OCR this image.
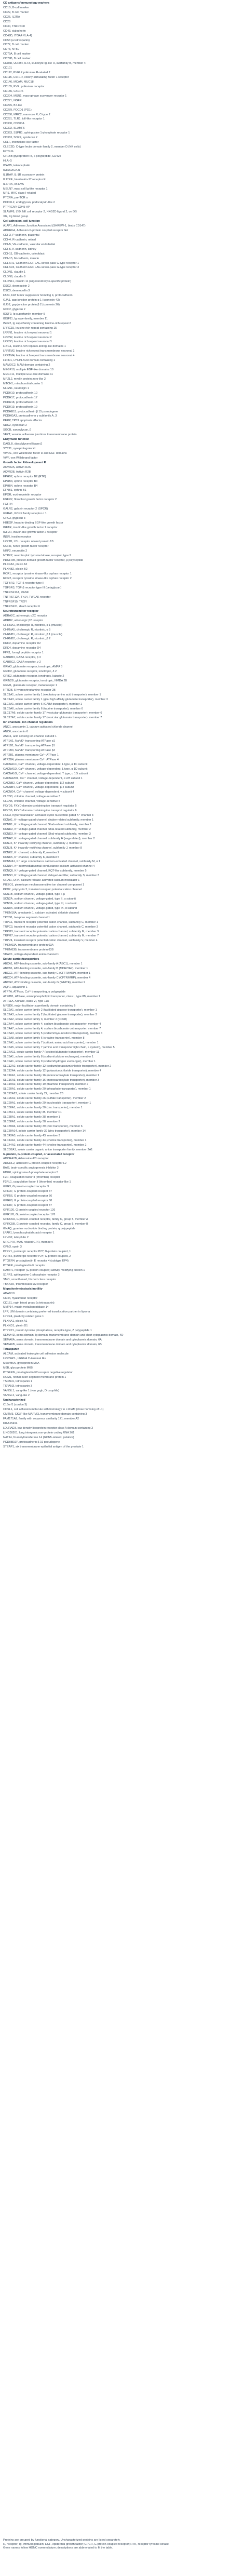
CD antigens/immunology markers
CD1B, B-cell marker
CD22, B cell marker
CD25, IL2RA
CD28
CD30, TNFRSF8
CD43, sialophorin
CD49D, ITGA4 VLA-4)
CD53 (a tetraspanin)
CD72, B cell marker
CD73, NT5E
CD79A, B cell marker
CD79B, B cell marker
CD86b, ULRB4, ILT3, leukocyte Ig-like R, subfamily B, member 4
CD101
CD112, PVRL2 poliovirus R-related 2
CD115, CSF1R, colony-stimulating factor 1 receptor
CD146, MCAM, MUC18
CD155, PVR, poliovirus receptor
CD186, CXCR6
CD204, MSR1, macrophage scavenger receptor 1
CD271, NGFR
CD276, B7-H3
CD279, PDCD1 (PD1)
CD280, MRC2, mannose R, C-type 2
CD281, TLR1, toll-like receptor 1
CD300, CD300A
CD302, SLAMF6
CD363, S1PR1, sphingosine 1-phosphate receptor 1
CD363, SOX2, syndecan 2
CKLF, chemokine-like factor
CLEC2D, C-type lectin domain family 2, member D (NK cells)
FLT3LG
GP1BB glycoprotein Ib, β polypeptide, CD42c
HLA-G
ICAM5, telencephalin
IGHA1/IGKJ1
IL1RAP, IL-1R accessory protein
IL17RE, Interleukin-17 receptor E
IL27RA, on EVS
MSLN?, mast cell Ig-like receptor 1
MR1, MHC class I-related
PTCRA, pre-TCR α
PODXL2, endoglycan, podocalyxin-like 2
PTPRCAP, CD45-AP
SLAMF8, LY9, NK cell receptor 2, NKG2D ligand 2, on DS
XG, Xg blood group
Cell adhesion, cell junction
AJAP1, Adherens Junction Associated (SHREW-1, binds CD147)
ADGRG4, Adhesion G protein coupled receptor G4
CDH3, P-cadherin, placental
CDH4, R-cadherin, retinal
CDH5, VE-cadherin, vascular endothelial
CDH6, K-cadherin, kidney
CDH11, OB-cadherin, osteoblast
CDH15, M-cadherin, muscle
CELSR1, Cadherin EGF LAG seven-pass G-type receptor 1
CELSR3, Cadherin EGF LAG seven-pass G-type receptor 3
CLDN1, claudin 1
CLDN6, claudin 6
CLDN11, claudin 11 (oligodendrocyte-specific protein)
DSG2, desmoglein 2
DSC3, desmocollin 3
FAT4, FAT tumor suppressor homolog 4, protocadherin
GJA1, gap junction protein α 1 (connexin 43)
GJB2, gap junction protein β 2 (connexin 26)
GPC2, glypican 2
IGSF9, Ig superfamily, member 9
IGSF11, Ig superfamily, member 11
ISLR2, Ig superfamily containing leucine-rich repeat 2
LRRC15, leucine rich repeat containing 15
LRRN1, leucine rich repeat neuronal 1
LRRN2, leucine rich repeat neuronal 2
LRRN3, leucine rich repeat neuronal 3
LRIG1, leucine-rich repeats and Ig-like domains 1
LRRTM2, leucine rich repeat transmembrane neuronal 2
LRRTM4, leucine rich repeat transmembrane neuronal 4
LYPD1, LY6/PLAUR domain containing 1
MAMDC2, MAM domain containing 2
MEGF10, multiple EGF-like domains 10
MEGF11, multiple EGF-like domains 11
MPZL2, myelin protein zero-like 2
MTCH1, mitochondrial carrier 1
NLGN1, neuroligin 1
PCDH10, protocadherin 10
PCDH17, protocadherin 17
PCDH18, protocadherin 18
PCDH19, protocadherin 19
PCDHB15, protocadherin β 15 pseudogene
PCDHGA3, protocadherin γ subfamily A, 3
PERP, TP53 apoptosis effector
SDC2, syndecan 2
SGCB, sarcoglycan, β
VEZT, vezatin, adherens junctions transmembrane protein
Enzymatic function
DAGLB, diacylglycerol lipase β
SYT11, synaptotagmin XI
VWDE, von Willebrand factor D and EGF domains
VWF, von Willebrand factor
Growth factor R/development R
ACVR2A, Activin R2A
ACVR2B, Activin R2B
EPHB2, ephrin receptor B2 (RTK)
EPHB3, ephrin receptor B3
EPHB4, ephrin receptor B4
EFNB1, ephrin-B1
EPOR, erythropoietin receptor
FGFR2, fibroblast growth factor receptor 2
FGFR4
GALR2, galanin receptor 2 (GPCR)
GFRA1, GDNF family receptor α 1
GPC3, glypican 3
HBEGF, heparin-binding EGF-like growth factor
IGF1R, insulin-like growth factor 1 receptor
IGF2R, insulin-like growth factor 2 receptor
INSR, insulin receptor
LRP1B, LDL receptor related protein 1B
NGFR, nerve growth factor receptor
NRP2, neuropilin 2
NTRK2, neurotrophic tyrosine kinase, receptor, type 2
PDGFRB, platelet-derived growth factor receptor, β polypeptide
PLXNA2, plexin A2
PLXNB2, plexin B2
ROR1, receptor tyrosine kinase-like orphan receptor 1
ROR2, receptor tyrosine kinase-like orphan receptor 2
TGFBR2, TGF-β receptor type II
TGFBR3, TGF-β receptor type III (betaglycan)
TNFRSF11A, RANK
TNFRSF12A, Fn14, TWEAK receptor
TNFRSF19, TROY
TNFRSF21, death receptor 6
Neurotransmitter receptor
ADRA2C, adrenergic α2C receptor
ADRB2, adrenergic β2 receptor
CHRNA1, cholinergic R, nicotinic, α 1 (muscle)
CHRNA5, cholinergic R, nicotinic, α 5
CHRNB1, cholinergic R, nicotinic, β 1 (muscle)
CHRNB2, cholinergic R, nicotinic, β 2
DRD2, dopamine receptor D2
DRD4, dopamine receptor D4
FPR1, formyl peptide receptor 1
GABRB3, GABA receptor, β 3
GABRG2, GABA receptor, γ 2
GRIA3, glutamate receptor, ionotropic, AMPA 3
GRID2, glutamate receptor, ionotropic, δ 2
GRIK2, glutamate receptor, ionotropic, kainate 2
GRIN2B, glutamate receptor, ionotropic, NMDA 2B
GRM1, glutamate receptor, metabotropic 1
HTR2B, 5-hydroxytryptamine receptor 2B
SLC1A1, solute carrier family 1 (excitatory amino acid transporter), member 1
SLC1A3, solute carrier family 1 (glial high affinity glutamate transporter), member 3
SLC6A1, solute carrier family 6 (GABA transporter), member 1
SLC6A6, solute carrier family 6 (taurine transporter), member 6
SLC17A6, solute carrier family 17 (vesicular glutamate transporter), member 6
SLC17A7, solute carrier family 17 (vesicular glutamate transporter), member 7
Ion channels, ion channel regulators
ANO1, anoctamin 1, calcium activated chloride channel
ANO6, anoctamin 6
ASIC1, acid sensing ion channel subunit 1
ATP1A1, Na⁺/K⁺ transporting ATPase α1
ATP1B1, Na⁺/K⁺ transporting ATPase β1
ATP1B3, Na⁺/K⁺ transporting ATPase β3
ATP2B1, plasma membrane Ca²⁺ ATPase 1
ATP2B4, plasma membrane Ca²⁺ ATPase 4
CACNA1C, Ca²⁺ channel, voltage-dependent, L type, α 1C subunit
CACNA1D, Ca²⁺ channel, voltage-dependent, L type, α 1D subunit
CACNA1G, Ca²⁺ channel, voltage-dependent, T type, α 1G subunit
CACNA2D1, Ca²⁺ channel, voltage-dependent, α 2/δ subunit 1
CACNB2, Ca²⁺ channel, voltage-dependent, β 2 subunit
CACNB4, Ca²⁺ channel, voltage-dependent, β 4 subunit
CACNG4, Ca²⁺ channel, voltage-dependent, γ subunit 4
CLCN3, chloride channel, voltage-sensitive 3
CLCN5, chloride channel, voltage-sensitive 5
FXYD5, FXYD domain containing ion transport regulator 5
FXYD6, FXYD domain containing ion transport regulator 6
HCN3, hyperpolarization activated cyclic nucleotide gated K⁺ channel 3
KCNA1, K⁺ voltage-gated channel, shaker-related subfamily, member 1
KCNB1, K⁺ voltage-gated channel, Shab-related subfamily, member 1
KCND2, K⁺ voltage-gated channel, Shal-related subfamily, member 2
KCND3, K⁺ voltage-gated channel, Shal-related subfamily, member 3
KCNH2, K⁺ voltage-gated channel, subfamily H (eag-related), member 2
KCNJ2, K⁺ inwardly-rectifying channel, subfamily J, member 2
KCNJ8, K⁺ inwardly-rectifying channel, subfamily J, member 8
KCNK2, K⁺ channel, subfamily K, member 2
KCNK5, K⁺ channel, subfamily K, member 5
KCNMA1, K⁺ large conductance calcium-activated channel, subfamily M, α 1
KCNN4, K⁺ intermediate/small conductance calcium-activated channel 4
KCNQ5, K⁺ voltage-gated channel, KQT-like subfamily, member 5
KCNS3, K⁺ voltage-gated channel, delayed-rectifier, subfamily S, member 3
ORAI1, ORAI calcium release-activated calcium modulator 1
PIEZO1, piezo type mechanosensitive ion channel component 1
PKD2, polycystin 2, transient receptor potential cation channel
SCN1B, sodium channel, voltage-gated, type I, β
SCN2A, sodium channel, voltage-gated, type II, α subunit
SCN3A, sodium channel, voltage-gated, type III, α subunit
SCN9A, sodium channel, voltage-gated, type IX, α subunit
TMEM16A, anoctamin 1, calcium activated chloride channel
TPCN1, two pore segment channel 1
TRPC1, transient receptor potential cation channel, subfamily C, member 1
TRPC3, transient receptor potential cation channel, subfamily C, member 3
TRPM3, transient receptor potential cation channel, subfamily M, member 3
TRPM7, transient receptor potential cation channel, subfamily M, member 7
TRPV4, transient receptor potential cation channel, subfamily V, member 4
TMEM63A, transmembrane protein 63A
TMEM63B, transmembrane protein 63B
VDAC1, voltage-dependent anion channel 1
Solute carrier/transporters
ABCA1, ATP-binding cassette, sub-family A (ABC1), member 1
ABCB1, ATP-binding cassette, sub-family B (MDR/TAP), member 1
ABCC1, ATP-binding cassette, sub-family C (CFTR/MRP), member 1
ABCC4, ATP-binding cassette, sub-family C (CFTR/MRP), member 4
ABCG2, ATP-binding cassette, sub-family G (WHITE), member 2
AQP1, aquaporin 1
ATP7A, ATPase, Cu²⁺ transporting, α polypeptide
ATP8B1, ATPase, aminophospholipid transporter, class I, type 8B, member 1
ATP11A, ATPase, class VI, type 11A
MFSD6, major facilitator superfamily domain containing 6
SLC2A1, solute carrier family 2 (facilitated glucose transporter), member 1
SLC2A3, solute carrier family 2 (facilitated glucose transporter), member 3
SLC3A2, solute carrier family 3, member 2 (CD98)
SLC4A4, solute carrier family 4, sodium bicarbonate cotransporter, member 4
SLC4A7, solute carrier family 4, sodium bicarbonate cotransporter, member 7
SLC5A3, solute carrier family 5 (sodium/myo-inositol cotransporter), member 3
SLC6A8, solute carrier family 6 (creatine transporter), member 8
SLC7A1, solute carrier family 7 (cationic amino acid transporter), member 1
SLC7A5, solute carrier family 7 (amino acid transporter light chain, L system), member 5
SLC7A11, solute carrier family 7 (cystine/glutamate transporter), member 11
SLC8A1, solute carrier family 8 (sodium/calcium exchanger), member 1
SLC9A1, solute carrier family 9 (sodium/hydrogen exchanger), member 1
SLC12A2, solute carrier family 12 (sodium/potassium/chloride transporter), member 2
SLC12A4, solute carrier family 12 (potassium/chloride transporter), member 4
SLC16A1, solute carrier family 16 (monocarboxylate transporter), member 1
SLC16A3, solute carrier family 16 (monocarboxylate transporter), member 3
SLC19A2, solute carrier family 19 (thiamine transporter), member 2
SLC20A1, solute carrier family 20 (phosphate transporter), member 1
SLC22A23, solute carrier family 22, member 23
SLC26A2, solute carrier family 26 (sulfate transporter), member 2
SLC29A1, solute carrier family 29 (nucleoside transporter), member 1
SLC30A1, solute carrier family 30 (zinc transporter), member 1
SLC35F1, solute carrier family 35, member F1
SLC38A1, solute carrier family 38, member 1
SLC38A2, solute carrier family 38, member 2
SLC39A6, solute carrier family 39 (zinc transporter), member 6
SLC39A14, solute carrier family 39 (zinc transporter), member 14
SLC43A3, solute carrier family 43, member 3
SLC44A1, solute carrier family 44 (choline transporter), member 1
SLC44A2, solute carrier family 44 (choline transporter), member 2
SLCO2A1, solute carrier organic anion transporter family, member 2A1
G-protein, G-protein coupled, or associated receptor
ADORA2B, Adenosine A2b receptor
ADGRL2, adhesion G protein-coupled receptor L2
BAI3, brain-specific angiogenesis inhibitor 3
EDG8, sphingosine-1-phosphate receptor 5
F2R, coagulation factor II (thrombin) receptor
F2RL1, coagulation factor II (thrombin) receptor-like 1
GPR3, G protein-coupled receptor 3
GPR37, G protein-coupled receptor 37
GPR56, G protein-coupled receptor 56
GPR68, G protein-coupled receptor 68
GPR87, G protein-coupled receptor 87
GPR126, G protein-coupled receptor 126
GPR176, G protein-coupled receptor 176
GPRC5A, G protein-coupled receptor, family C, group 5, member A
GPRC5B, G protein-coupled receptor, family C, group 5, member B
GNAQ, guanine nucleotide binding protein, q polypeptide
LPAR1, lysophosphatidic acid receptor 1
LPHN2, latrophilin 2
MRGPRF, MAS-related GPR, member F
OPN3, opsin 3
P2RY1, purinergic receptor P2Y, G-protein coupled, 1
P2RY2, purinergic receptor P2Y, G-protein coupled, 2
PTGER4, prostaglandin E receptor 4 (subtype EP4)
PTGFR, prostaglandin F receptor
RAMP1, receptor (G protein-coupled) activity modifying protein 1
S1PR3, sphingosine-1-phosphate receptor 3
SMO, smoothened, frizzled class receptor
TBXA2R, thromboxane A2 receptor
Migration/metastasis/motility
ADAM10
CD44, hyaluronan receptor
CD151, raph blood group (a tetraspanin)
MMP14, matrix metallopeptidase 14
LPP, LIM domain containing preferred translocation partner in lipoma
LPPR4, plasticity related gene 1
PLXNA1, plexin A1
PLXND1, plexin D1
PTPRZ1, protein tyrosine phosphatase, receptor-type, Z polypeptide 1
SEMA4D, sema domain, Ig domain, transmembrane domain and short cytoplasmic domain, 4D
SEMA6A, sema domain, transmembrane domain and cytoplasmic domain, 6A
SEMA6B, sema domain, transmembrane domain and cytoplasmic domain, 6B
Tetraspanin
ALCAM, activated leukocyte cell adhesion molecule
LRRN4CL, LRRN4 C-terminal like
M6A/M6A, glycoprotein M6A
M6B, glycoprotein M6B
PTGFRN, prostaglandin F2 receptor negative regulator
ROM1, retinal outer segment membrane protein 1
TSPAN1, tetraspanin 1
TSPAN3, tetraspanin 3
VANGL1, vang-like 1 (van gogh, Drosophila)
VANGL2, vang-like 2
Uncharacterized
C16orf1 (cordon 3)
CDSL1, cell adhesion molecule with homology to L1CAM (close homolog of L1)
CMTM3, CKLF-like MARVEL transmembrane domain containing 3
FAM171A2, family with sequence similarity 171, member A2
KIAA1549L
LDLRAD3, low density lipoprotein receptor class A domain containing 3
LINC00261, long intergenic non-protein coding RNA 261
NAT14, N-acetyltransferase 14 (GCN5-related, putative)
PCDHB19P, protocadherin β 19 pseudogene
STEAP1, six transmembrane epithelial antigen of the prostate 1
Proteins are grouped by functional category. Uncharacterized proteins are listed separately.
R, receptor; Ig, immunoglobulin; EGF, epidermal growth factor; GPCR, G protein-coupled receptor; RTK, receptor tyrosine kinase.
Gene names follow HGNC nomenclature; descriptions are abbreviated to fit the table.
